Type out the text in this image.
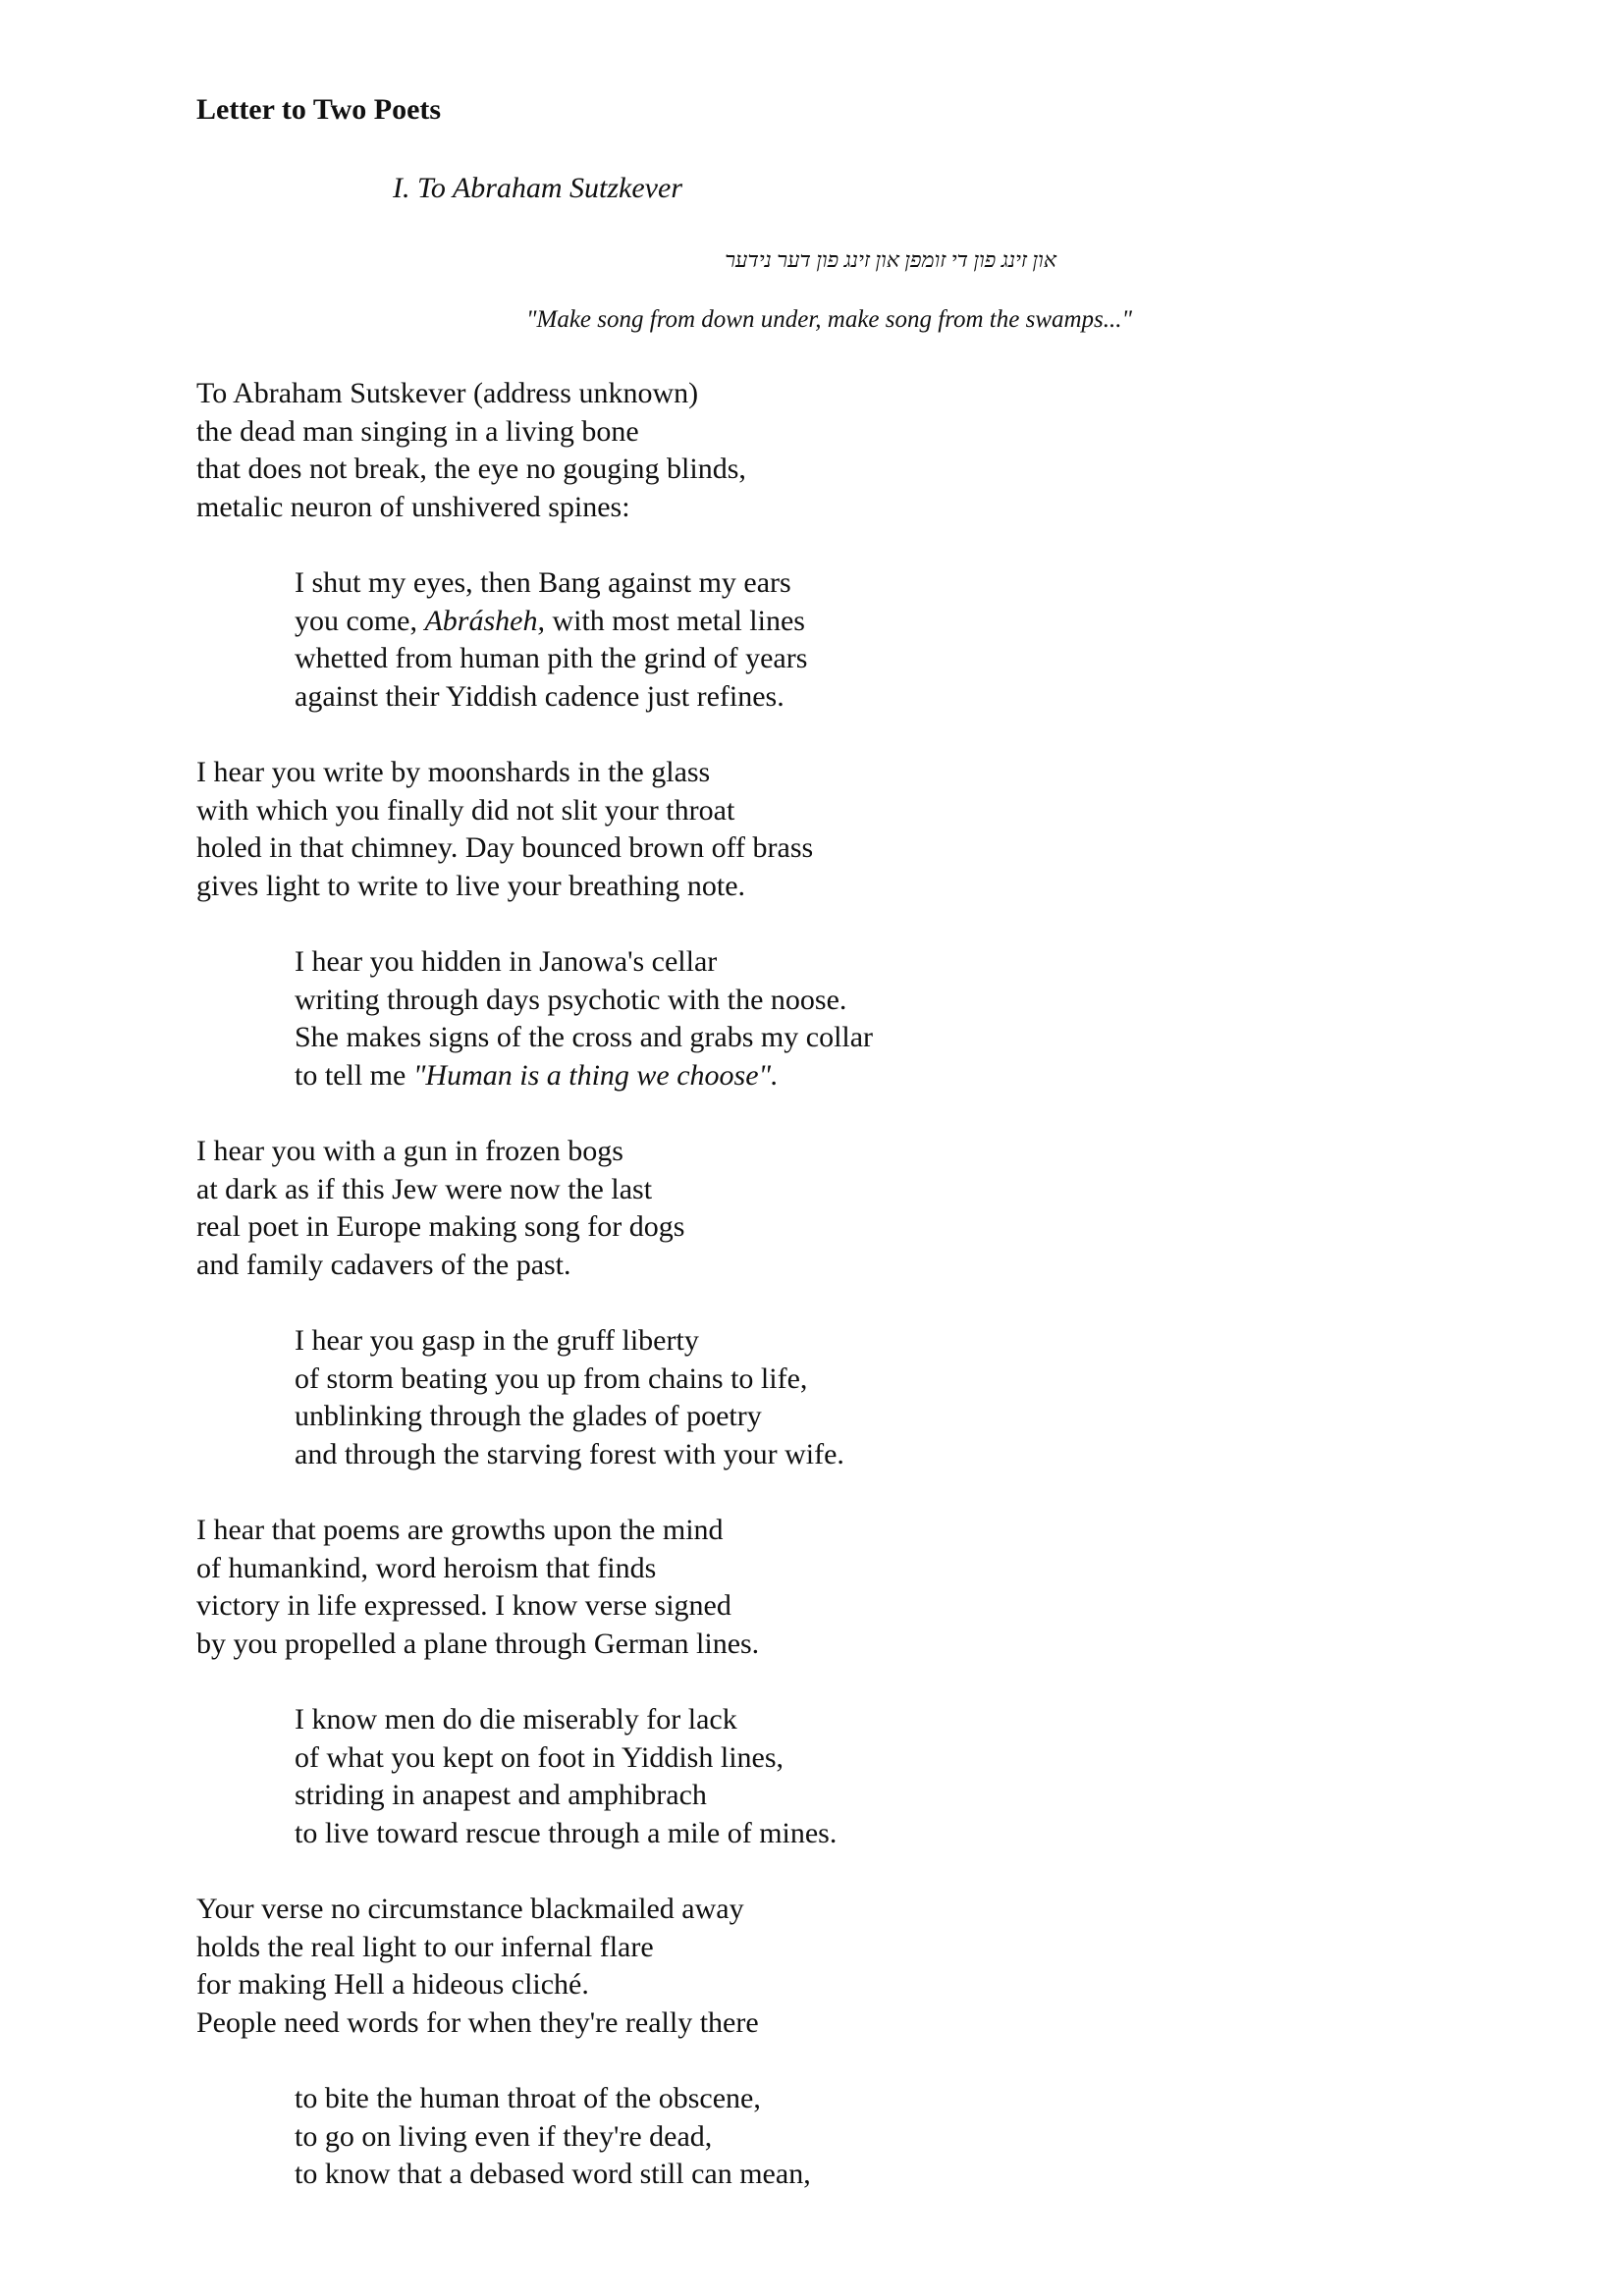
Letter to Two Poets
I. To Abraham Sutzkever
און זינג פון די זומפן און זינג פון דער נידער
"Make song from down under, make song from the swamps..."
To Abraham Sutskever (address unknown)
the dead man singing in a living bone
that does not break, the eye no gouging blinds,
metalic neuron of unshivered spines:
I shut my eyes, then Bang against my ears
you come, Abrásheh, with most metal lines
whetted from human pith the grind of years
against their Yiddish cadence just refines.
I hear you write by moonshards in the glass
with which you finally did not slit your throat
holed in that chimney. Day bounced brown off brass
gives light to write to live your breathing note.
I hear you hidden in Janowa's cellar
writing through days psychotic with the noose.
She makes signs of the cross and grabs my collar
to tell me "Human is a thing we choose".
I hear you with a gun in frozen bogs
at dark as if this Jew were now the last
real poet in Europe making song for dogs
and family cadavers of the past.
I hear you gasp in the gruff liberty
of storm beating you up from chains to life,
unblinking through the glades of poetry
and through the starving forest with your wife.
I hear that poems are growths upon the mind
of humankind, word heroism that finds
victory in life expressed. I know verse signed
by you propelled a plane through German lines.
I know men do die miserably for lack
of what you kept on foot in Yiddish lines,
striding in anapest and amphibrach
to live toward rescue through a mile of mines.
Your verse no circumstance blackmailed away
holds the real light to our infernal flare
for making Hell a hideous cliché.
People need words for when they're really there
to bite the human throat of the obscene,
to go on living even if they're dead,
to know that a debased word still can mean,
